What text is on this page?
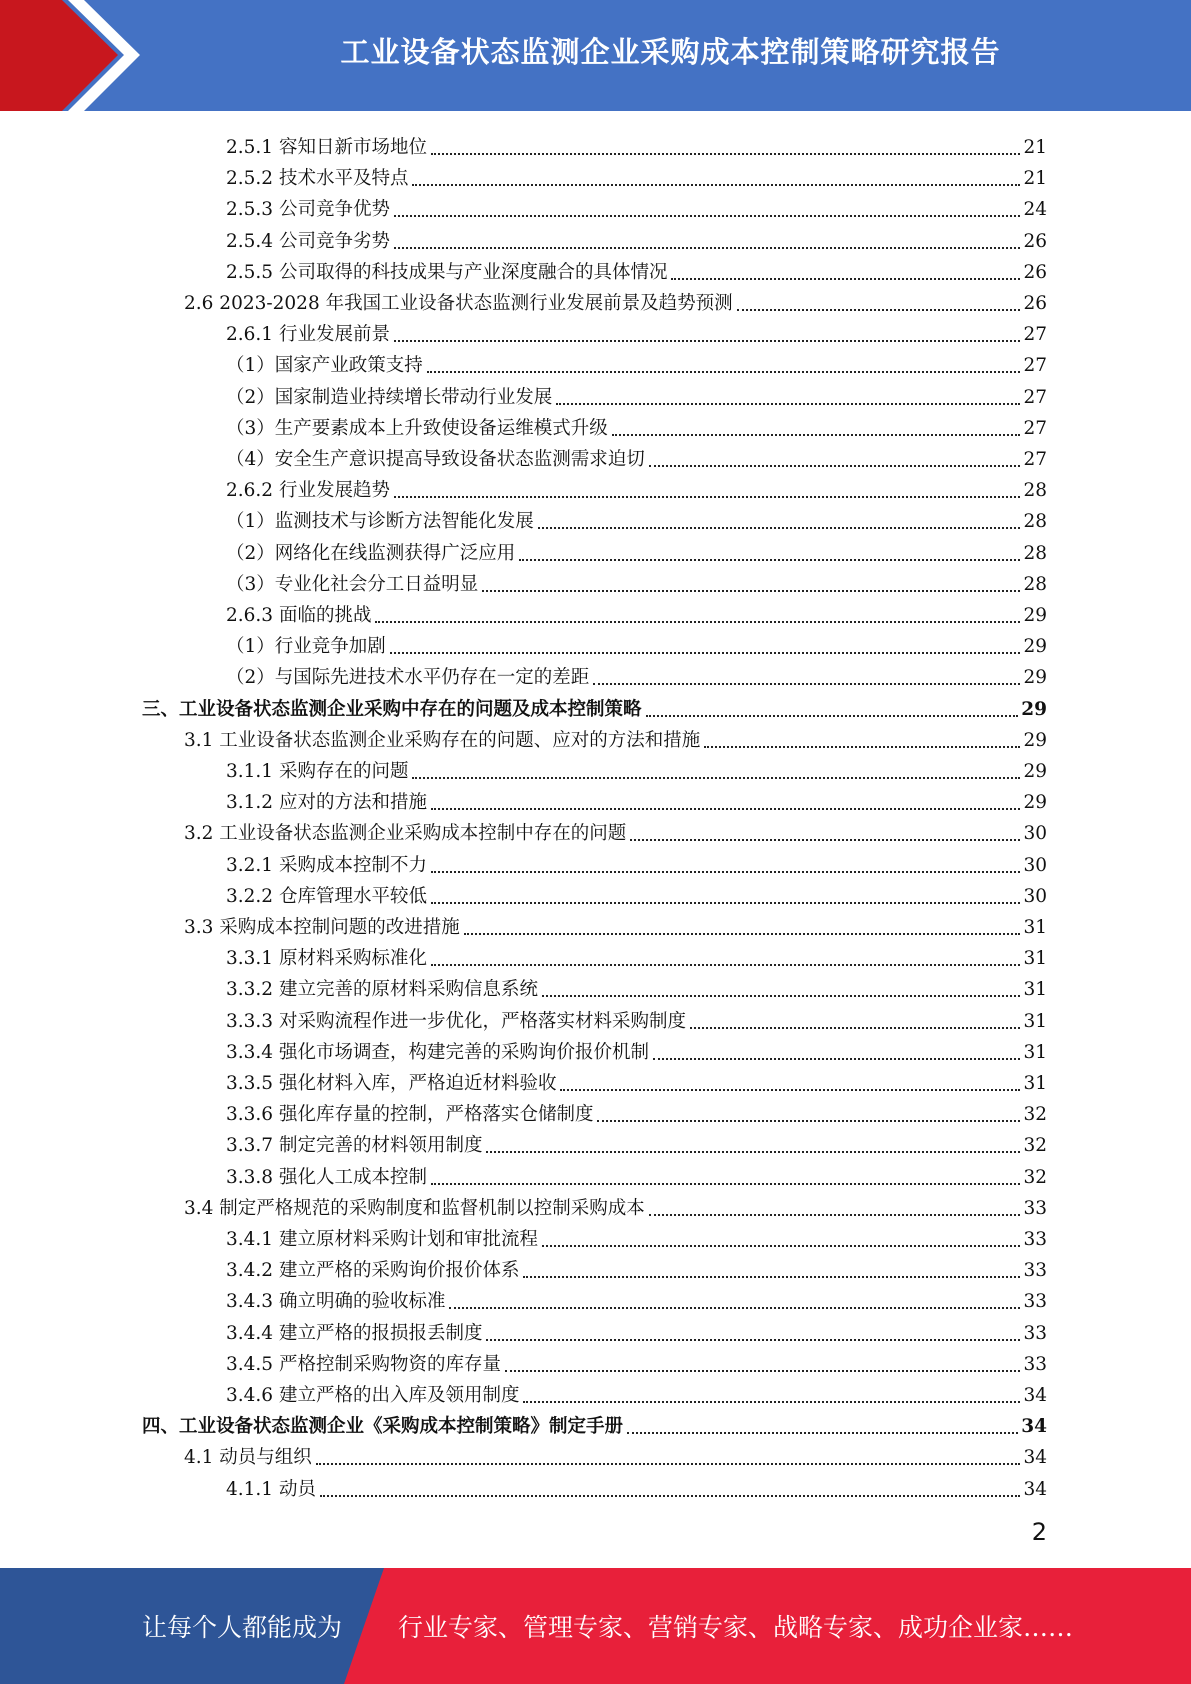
工业设备状态监测企业采购成本控制策略研究报告
2.5.1 容知日新市场地位	21
2.5.2 技术水平及特点	21
2.5.3 公司竞争优势	24
2.5.4 公司竞争劣势	26
2.5.5 公司取得的科技成果与产业深度融合的具体情况	26
2.6 2023-2028 年我国工业设备状态监测行业发展前景及趋势预测	26
2.6.1 行业发展前景	27
（1）国家产业政策支持	27
（2）国家制造业持续增长带动行业发展	27
（3）生产要素成本上升致使设备运维模式升级	27
（4）安全生产意识提高导致设备状态监测需求迫切	27
2.6.2 行业发展趋势	28
（1）监测技术与诊断方法智能化发展	28
（2）网络化在线监测获得广泛应用	28
（3）专业化社会分工日益明显	28
2.6.3 面临的挑战	29
（1）行业竞争加剧	29
（2）与国际先进技术水平仍存在一定的差距	29
三、工业设备状态监测企业采购中存在的问题及成本控制策略	29
3.1 工业设备状态监测企业采购存在的问题、应对的方法和措施	29
3.1.1 采购存在的问题	29
3.1.2 应对的方法和措施	29
3.2 工业设备状态监测企业采购成本控制中存在的问题	30
3.2.1 采购成本控制不力	30
3.2.2 仓库管理水平较低	30
3.3 采购成本控制问题的改进措施	31
3.3.1 原材料采购标准化	31
3.3.2 建立完善的原材料采购信息系统	31
3.3.3 对采购流程作进一步优化，严格落实材料采购制度	31
3.3.4 强化市场调查，构建完善的采购询价报价机制	31
3.3.5 强化材料入库，严格迫近材料验收	31
3.3.6 强化库存量的控制，严格落实仓储制度	32
3.3.7 制定完善的材料领用制度	32
3.3.8 强化人工成本控制	32
3.4 制定严格规范的采购制度和监督机制以控制采购成本	33
3.4.1 建立原材料采购计划和审批流程	33
3.4.2 建立严格的采购询价报价体系	33
3.4.3 确立明确的验收标准	33
3.4.4 建立严格的报损报丢制度	33
3.4.5 严格控制采购物资的库存量	33
3.4.6 建立严格的出入库及领用制度	34
四、工业设备状态监测企业《采购成本控制策略》制定手册	34
4.1 动员与组织	34
4.1.1 动员	34
2
让每个人都能成为 行业专家、管理专家、营销专家、战略专家、成功企业家……
